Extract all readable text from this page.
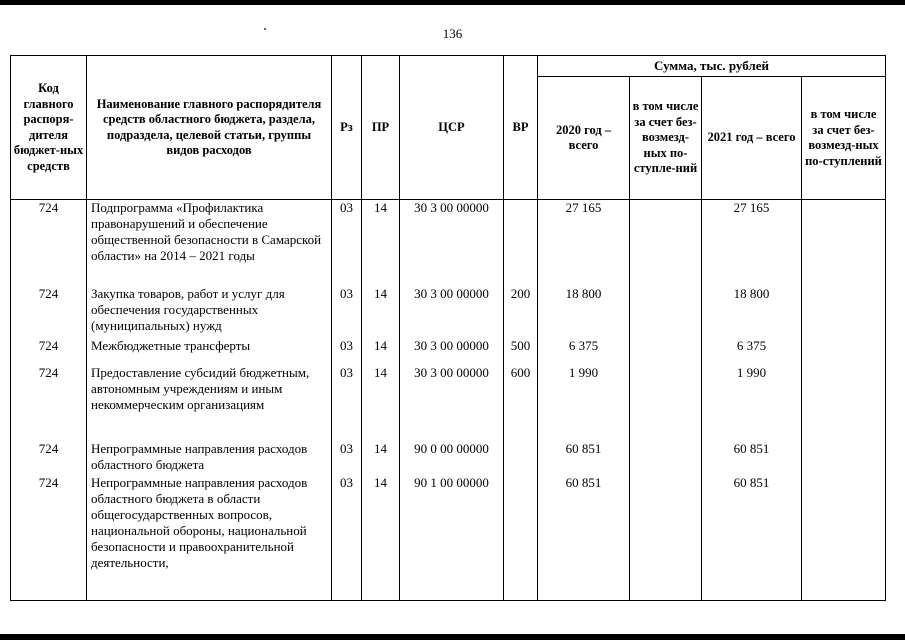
136
Код главного распоря-дителя бюджет-ных средств	Наименование главного распорядителя средств областного бюджета, раздела, подраздела, целевой статьи, группы видов расходов	Рз	ПР	ЦСР	ВР	Сумма, тыс. рублей			
						2020 год – всего	в том числе за счет без-возмезд-ных по-ступле-ний	2021 год – всего	в том числе за счет без-возмезд-ных по-ступлений
724	Подпрограмма «Профилактика правонарушений и обеспечение общественной безопасности в Самарской области» на 2014 – 2021 годы	03	14	30 3 00 00000		27 165		27 165	
724	Закупка товаров, работ и услуг для обеспечения государственных (муниципальных) нужд	03	14	30 3 00 00000	200	18 800		18 800	
724	Межбюджетные трансферты	03	14	30 3 00 00000	500	6 375		6 375	
724	Предоставление субсидий бюджетным, автономным учреждениям и иным некоммерческим организациям	03	14	30 3 00 00000	600	1 990		1 990	
724	Непрограммные направления расходов областного бюджета	03	14	90 0 00 00000		60 851		60 851	
724	Непрограммные направления расходов областного бюджета в области общегосударственных вопросов, национальной обороны, национальной безопасности и правоохранительной деятельности,	03	14	90 1 00 00000		60 851		60 851	
